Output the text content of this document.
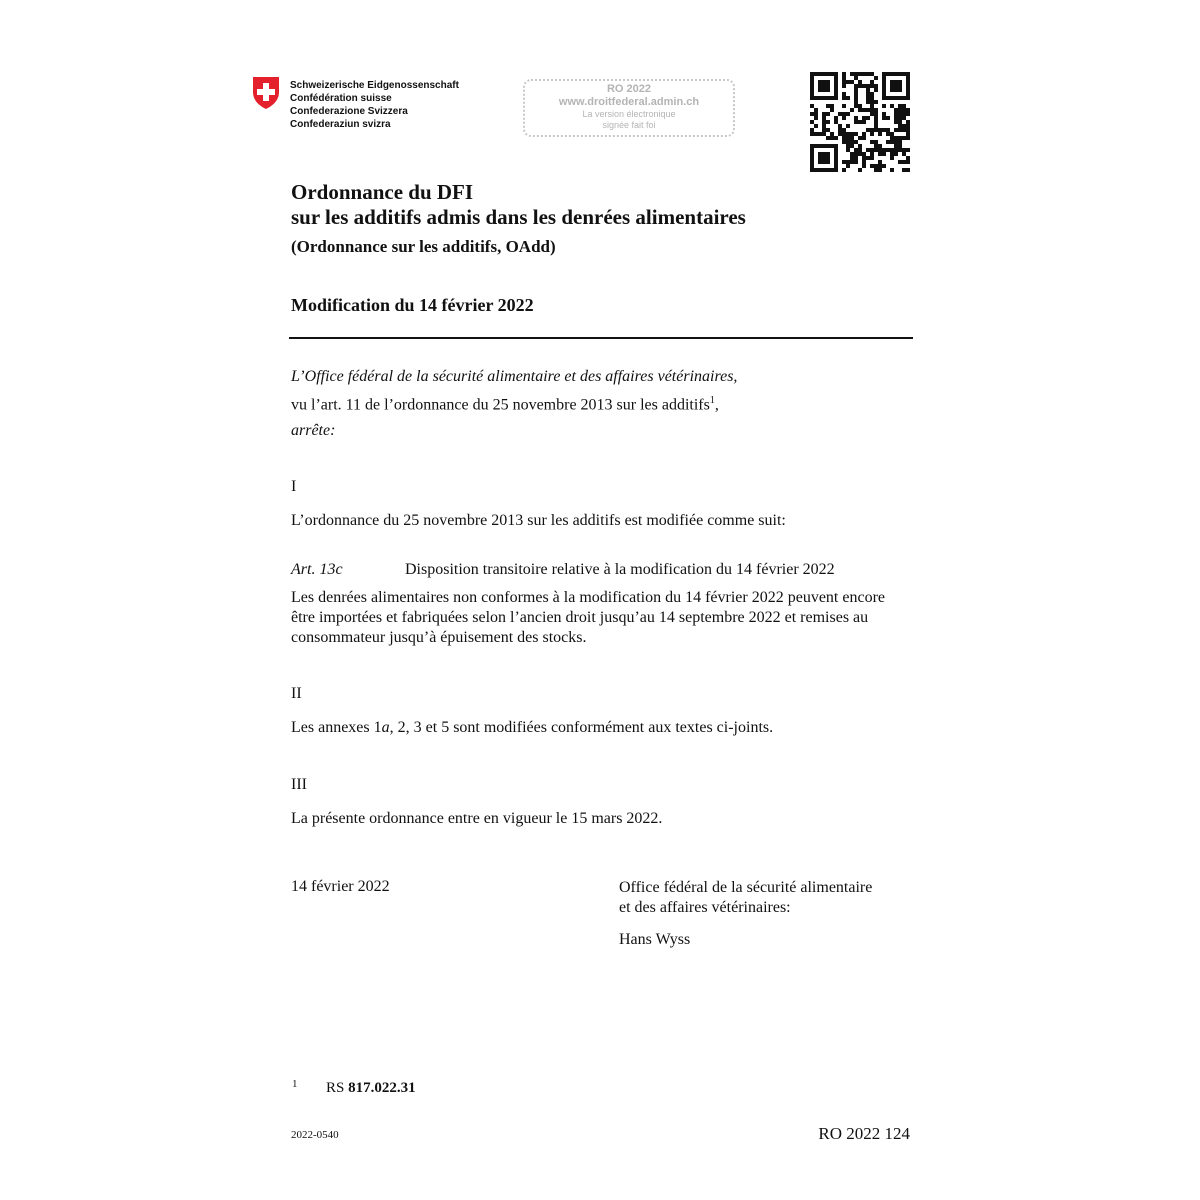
Schweizerische Eidgenossenschaft
Confédération suisse
Confederazione Svizzera
Confederaziun svizra
RO 2022
www.droitfederal.admin.ch
La version électronique
signée fait foi
Ordonnance du DFI
sur les additifs admis dans les denrées alimentaires
(Ordonnance sur les additifs, OAdd)
Modification du 14 février 2022
L’Office fédéral de la sécurité alimentaire et des affaires vétérinaires,
vu l’art. 11 de l’ordonnance du 25 novembre 2013 sur les additifs$^1$,
arrête:
I
L’ordonnance du 25 novembre 2013 sur les additifs est modifiée comme suit:
Art. 13c	Disposition transitoire relative à la modification du 14 février 2022
Les denrées alimentaires non conformes à la modification du 14 février 2022 peuvent encore être importées et fabriquées selon l’ancien droit jusqu’au 14 septembre 2022 et remises au consommateur jusqu’à épuisement des stocks.
II
Les annexes 1a, 2, 3 et 5 sont modifiées conformément aux textes ci-joints.
III
La présente ordonnance entre en vigueur le 15 mars 2022.
14 février 2022	Office fédéral de la sécurité alimentaire
et des affaires vétérinaires:
Hans Wyss
1 RS 817.022.31
2022-0540	RO 2022 124
